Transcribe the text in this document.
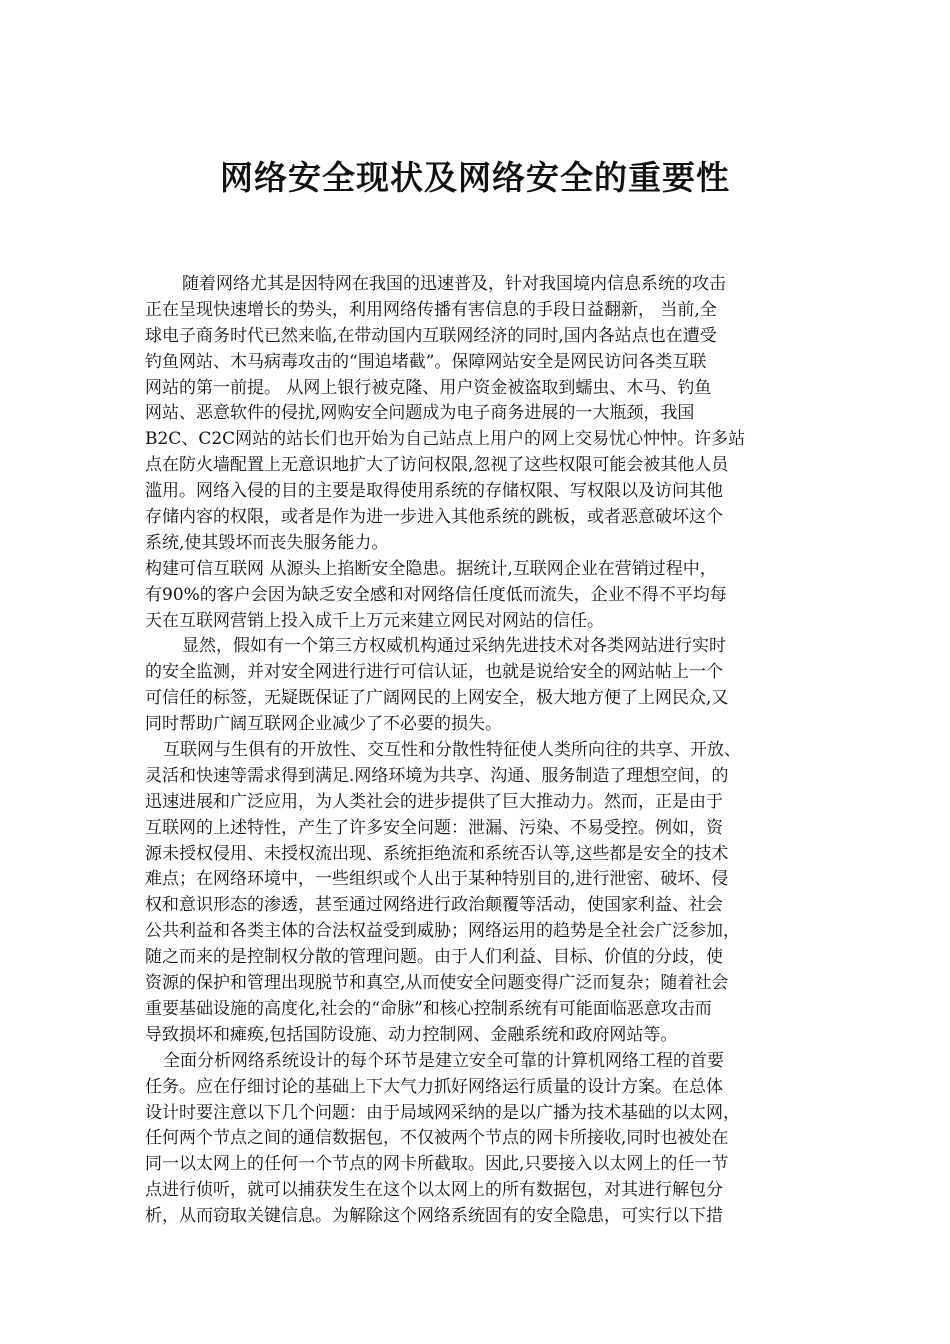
网络安全现状及网络安全的重要性
随着网络尤其是因特网在我国的迅速普及，针对我国境内信息系统的攻击
正在呈现快速增长的势头，利用网络传播有害信息的手段日益翻新， 当前,全
球电子商务时代已然来临,在带动国内互联网经济的同时,国内各站点也在遭受
钓鱼网站、木马病毒攻击的“围追堵截”。保障网站安全是网民访问各类互联
网站的第一前提。 从网上银行被克隆、用户资金被盗取到蠕虫、木马、钓鱼
网站、恶意软件的侵扰,网购安全问题成为电子商务进展的一大瓶颈，我国
B2C、C2C网站的站长们也开始为自己站点上用户的网上交易忧心忡忡。许多站
点在防火墙配置上无意识地扩大了访问权限,忽视了这些权限可能会被其他人员
滥用。网络入侵的目的主要是取得使用系统的存储权限、写权限以及访问其他
存储内容的权限，或者是作为进一步进入其他系统的跳板，或者恶意破坏这个
系统,使其毁坏而丧失服务能力。
构建可信互联网 从源头上掐断安全隐患。据统计,互联网企业在营销过程中，
有90%的客户会因为缺乏安全感和对网络信任度低而流失，企业不得不平均每
天在互联网营销上投入成千上万元来建立网民对网站的信任。
显然，假如有一个第三方权威机构通过采纳先进技术对各类网站进行实时
的安全监测，并对安全网进行进行可信认证，也就是说给安全的网站帖上一个
可信任的标签，无疑既保证了广阔网民的上网安全，极大地方便了上网民众,又
同时帮助广阔互联网企业减少了不必要的损失。
互联网与生俱有的开放性、交互性和分散性特征使人类所向往的共享、开放、
灵活和快速等需求得到满足.网络环境为共享、沟通、服务制造了理想空间，的
迅速进展和广泛应用，为人类社会的进步提供了巨大推动力。然而，正是由于
互联网的上述特性，产生了许多安全问题：泄漏、污染、不易受控。例如，资
源未授权侵用、未授权流出现、系统拒绝流和系统否认等,这些都是安全的技术
难点；在网络环境中，一些组织或个人出于某种特别目的,进行泄密、破坏、侵
权和意识形态的渗透，甚至通过网络进行政治颠覆等活动，使国家利益、社会
公共利益和各类主体的合法权益受到威胁；网络运用的趋势是全社会广泛参加，
随之而来的是控制权分散的管理问题。由于人们利益、目标、价值的分歧，使
资源的保护和管理出现脱节和真空,从而使安全问题变得广泛而复杂；随着社会
重要基础设施的高度化,社会的“命脉”和核心控制系统有可能面临恶意攻击而
导致损坏和瘫痪,包括国防设施、动力控制网、金融系统和政府网站等。
全面分析网络系统设计的每个环节是建立安全可靠的计算机网络工程的首要
任务。应在仔细讨论的基础上下大气力抓好网络运行质量的设计方案。在总体
设计时要注意以下几个问题：由于局域网采纳的是以广播为技术基础的以太网，
任何两个节点之间的通信数据包，不仅被两个节点的网卡所接收,同时也被处在
同一以太网上的任何一个节点的网卡所截取。因此,只要接入以太网上的任一节
点进行侦听，就可以捕获发生在这个以太网上的所有数据包，对其进行解包分
析，从而窃取关键信息。为解除这个网络系统固有的安全隐患，可实行以下措
